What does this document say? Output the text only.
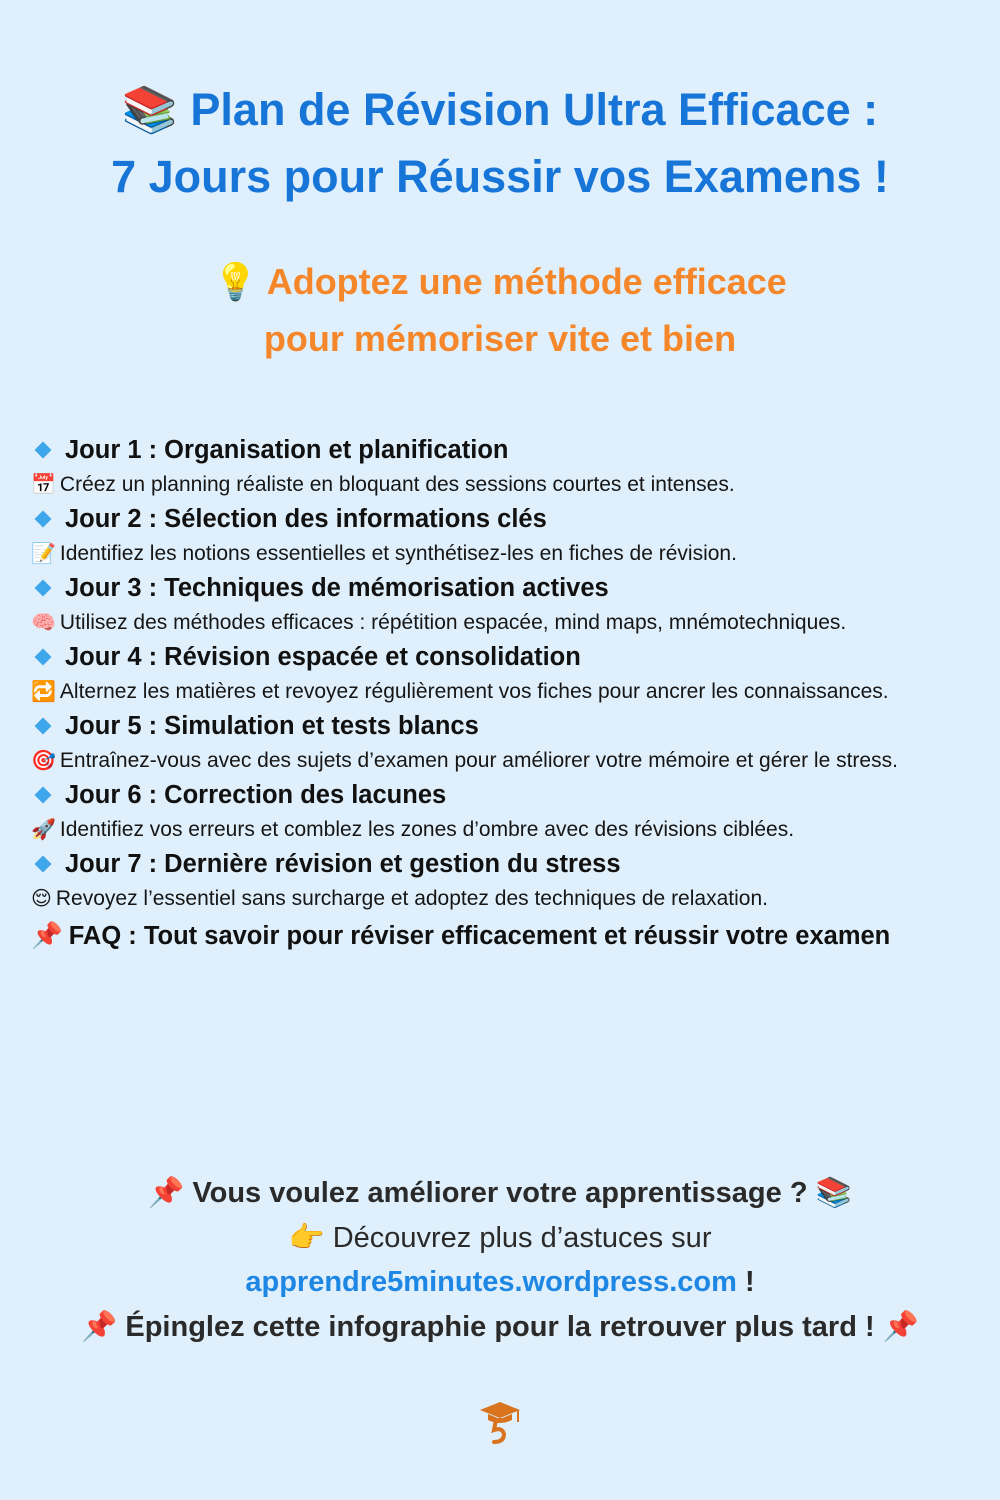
📚 Plan de Révision Ultra Efficace :
7 Jours pour Réussir vos Examens !
💡 Adoptez une méthode efficace
pour mémoriser vite et bien
Jour 1 : Organisation et planification
📅 Créez un planning réaliste en bloquant des sessions courtes et intenses.
Jour 2 : Sélection des informations clés
📝 Identifiez les notions essentielles et synthétisez-les en fiches de révision.
Jour 3 : Techniques de mémorisation actives
🧠 Utilisez des méthodes efficaces : répétition espacée, mind maps, mnémotechniques.
Jour 4 : Révision espacée et consolidation
🔁 Alternez les matières et revoyez régulièrement vos fiches pour ancrer les connaissances.
Jour 5 : Simulation et tests blancs
🎯 Entraînez-vous avec des sujets d’examen pour améliorer votre mémoire et gérer le stress.
Jour 6 : Correction des lacunes
🚀 Identifiez vos erreurs et comblez les zones d’ombre avec des révisions ciblées.
Jour 7 : Dernière révision et gestion du stress
😌 Revoyez l’essentiel sans surcharge et adoptez des techniques de relaxation.
📌 FAQ : Tout savoir pour réviser efficacement et réussir votre examen
📌 Vous voulez améliorer votre apprentissage ? 📚
👉 Découvrez plus d’astuces sur
apprendre5minutes.wordpress.com !
📌 Épinglez cette infographie pour la retrouver plus tard ! 📌
